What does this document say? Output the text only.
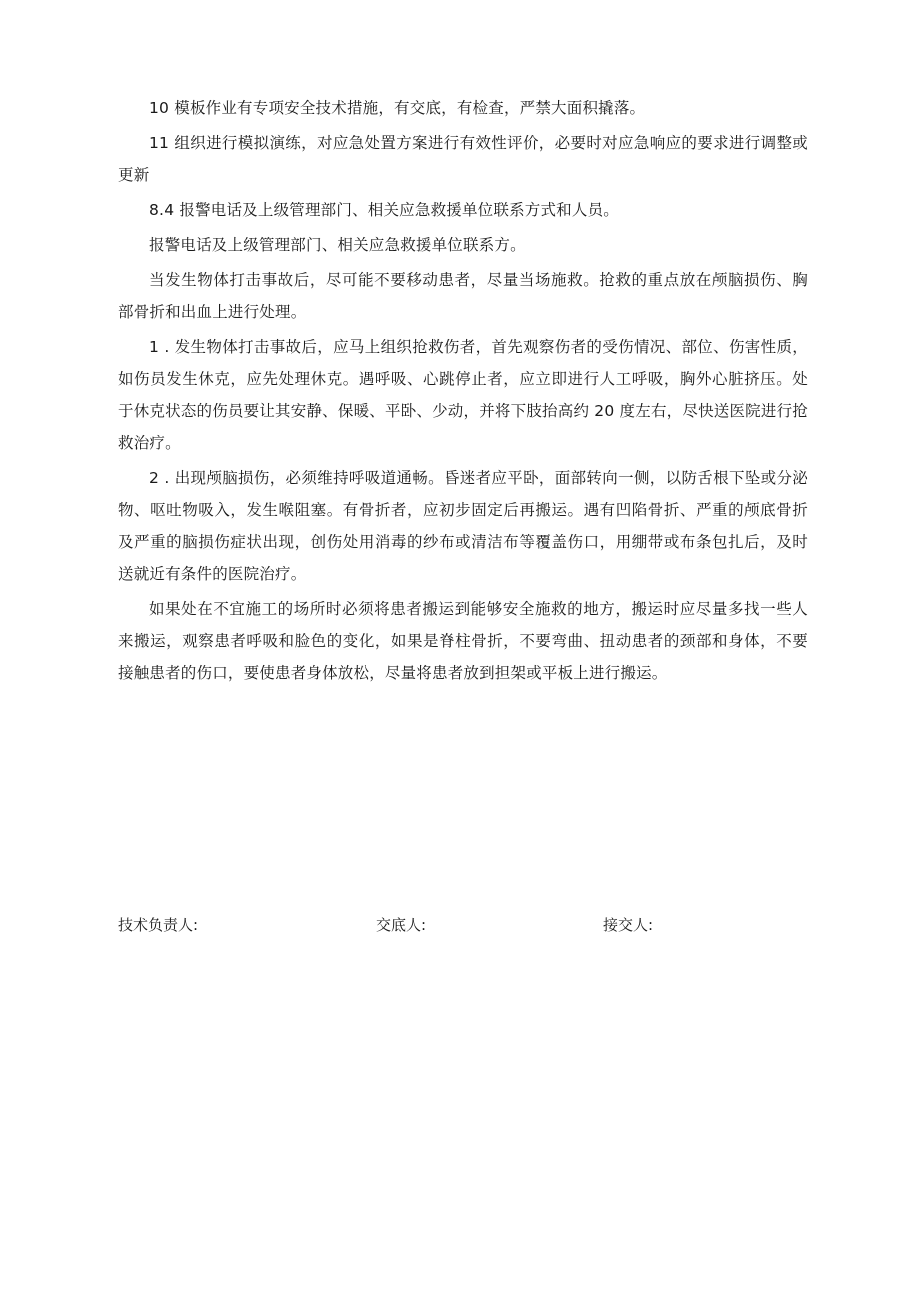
10 模板作业有专项安全技术措施，有交底，有检查，严禁大面积撬落。

11 组织进行模拟演练，对应急处置方案进行有效性评价，必要时对应急响应的要求进行调整或更新

8.4 报警电话及上级管理部门、相关应急救援单位联系方式和人员。

报警电话及上级管理部门、相关应急救援单位联系方。

当发生物体打击事故后，尽可能不要移动患者，尽量当场施救。抢救的重点放在颅脑损伤、胸部骨折和出血上进行处理。

1 . 发生物体打击事故后，应马上组织抢救伤者，首先观察伤者的受伤情况、部位、伤害性质，如伤员发生休克，应先处理休克。遇呼吸、心跳停止者，应立即进行人工呼吸，胸外心脏挤压。处于休克状态的伤员要让其安静、保暖、平卧、少动，并将下肢抬高约 20 度左右，尽快送医院进行抢救治疗。

2 . 出现颅脑损伤，必须维持呼吸道通畅。昏迷者应平卧，面部转向一侧，以防舌根下坠或分泌物、呕吐物吸入，发生喉阻塞。有骨折者，应初步固定后再搬运。遇有凹陷骨折、严重的颅底骨折及严重的脑损伤症状出现，创伤处用消毒的纱布或清洁布等覆盖伤口，用绷带或布条包扎后，及时送就近有条件的医院治疗。

如果处在不宜施工的场所时必须将患者搬运到能够安全施救的地方，搬运时应尽量多找一些人来搬运，观察患者呼吸和脸色的变化，如果是脊柱骨折，不要弯曲、扭动患者的颈部和身体，不要接触患者的伤口，要使患者身体放松，尽量将患者放到担架或平板上进行搬运。

技术负责人:	交底人:	接交人:
